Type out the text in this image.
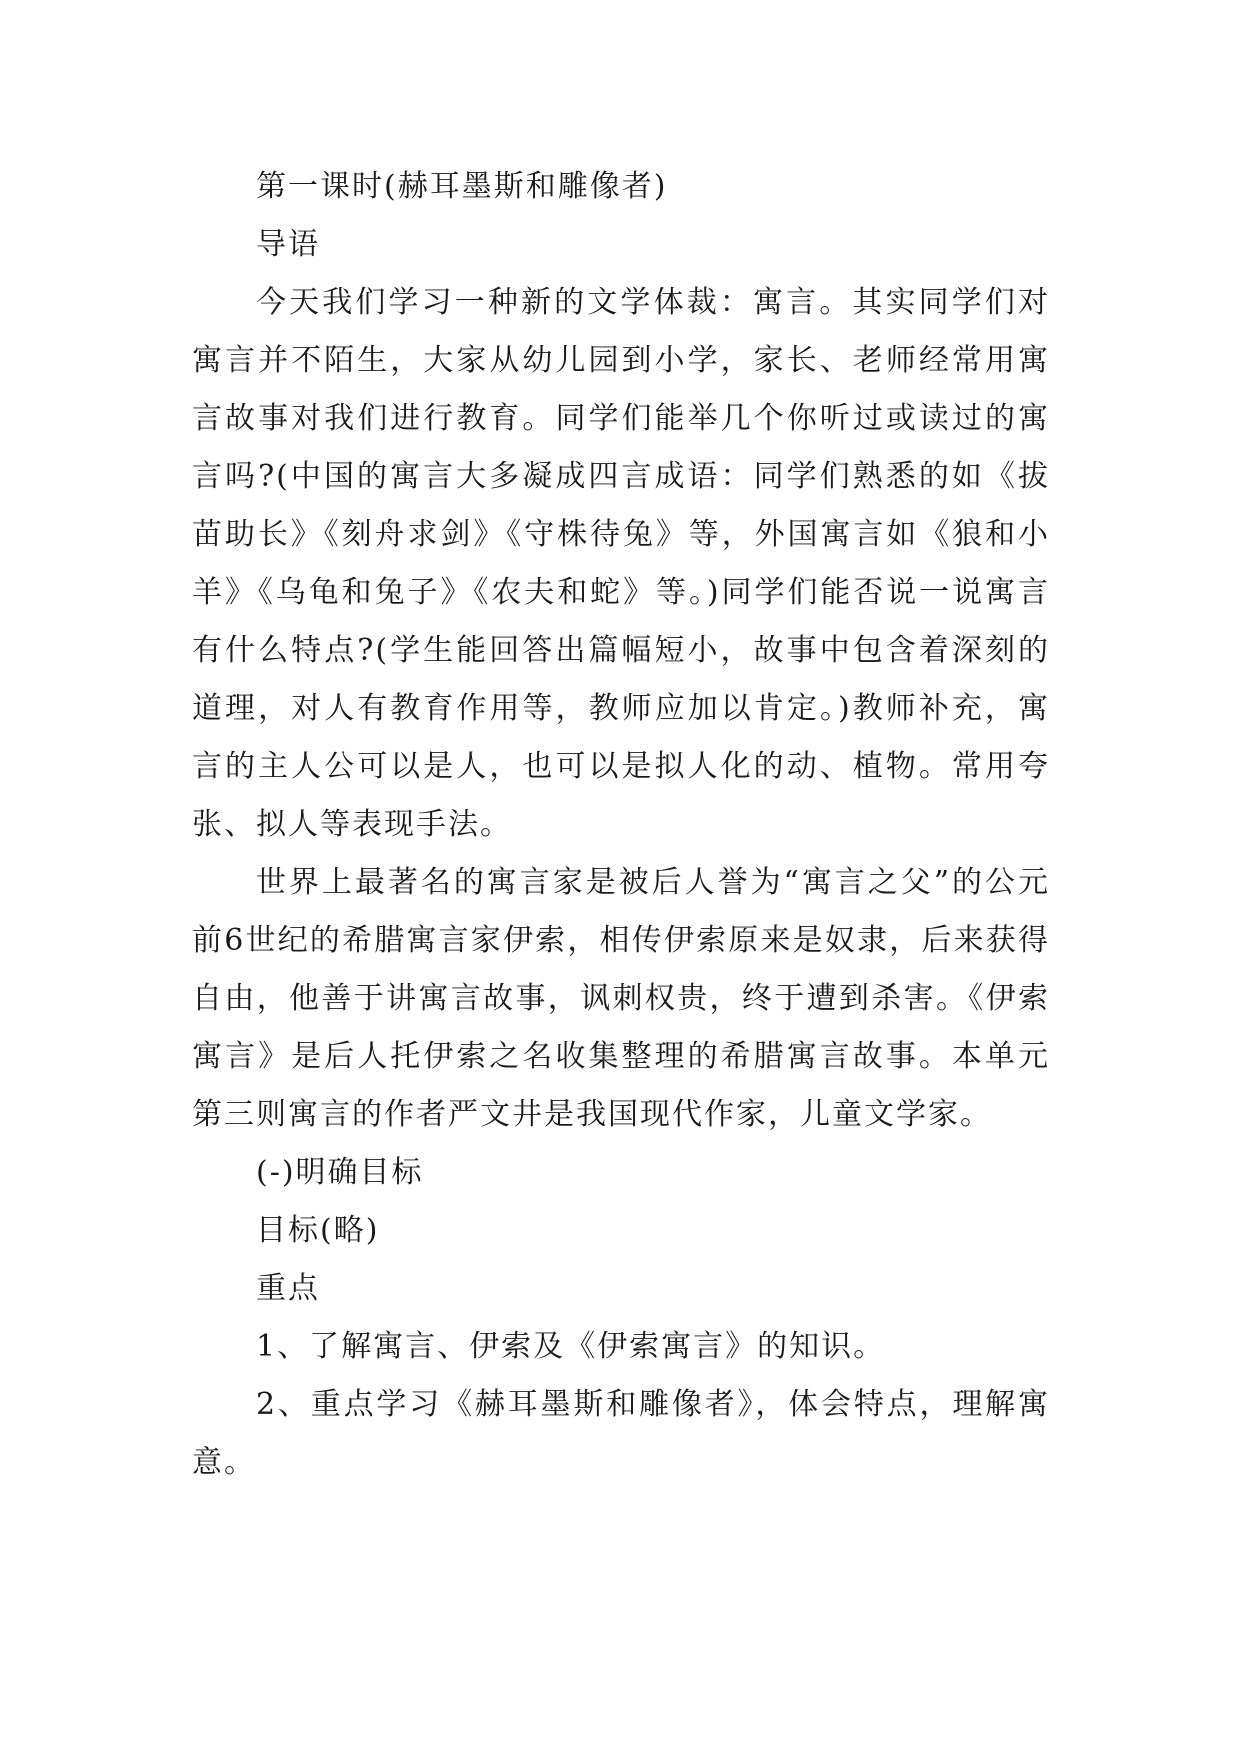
第一课时(赫耳墨斯和雕像者)

导语

今天我们学习一种新的文学体裁：寓言。其实同学们对寓言并不陌生，大家从幼儿园到小学，家长、老师经常用寓言故事对我们进行教育。同学们能举几个你听过或读过的寓言吗?(中国的寓言大多凝成四言成语：同学们熟悉的如《拔苗助长》《刻舟求剑》《守株待兔》等，外国寓言如《狼和小羊》《乌龟和兔子》《农夫和蛇》等。)同学们能否说一说寓言有什么特点?(学生能回答出篇幅短小，故事中包含着深刻的道理，对人有教育作用等，教师应加以肯定。)教师补充，寓言的主人公可以是人，也可以是拟人化的动、植物。常用夸张、拟人等表现手法。

世界上最著名的寓言家是被后人誉为“寓言之父”的公元前6世纪的希腊寓言家伊索，相传伊索原来是奴隶，后来获得自由，他善于讲寓言故事，讽刺权贵，终于遭到杀害。《伊索寓言》是后人托伊索之名收集整理的希腊寓言故事。本单元第三则寓言的作者严文井是我国现代作家，儿童文学家。

(-)明确目标

目标(略)

重点

1、了解寓言、伊索及《伊索寓言》的知识。

2、重点学习《赫耳墨斯和雕像者》，体会特点，理解寓意。
